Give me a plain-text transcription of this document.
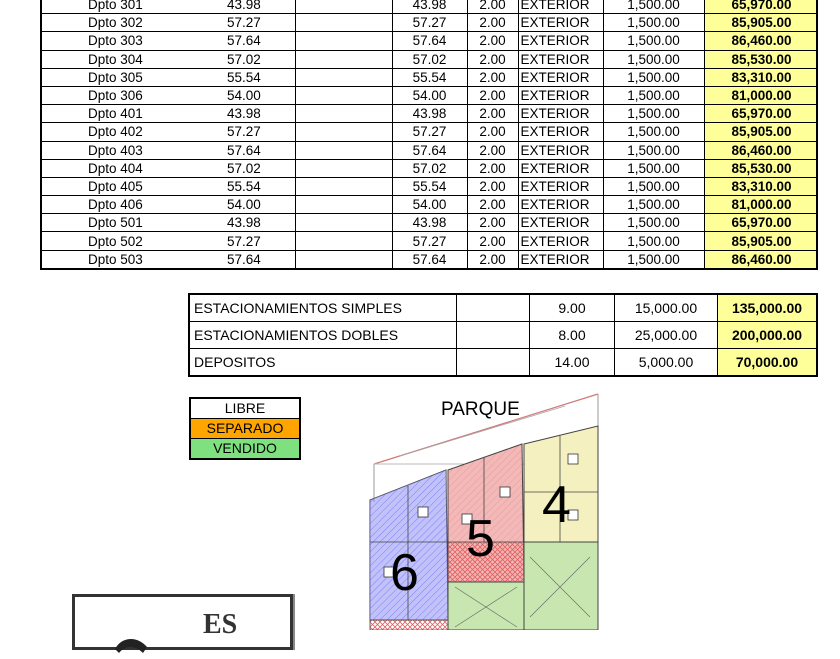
Dpto 301	43.98		43.98	2.00	EXTERIOR	1,500.00	65,970.00
Dpto 302	57.27		57.27	2.00	EXTERIOR	1,500.00	85,905.00
Dpto 303	57.64		57.64	2.00	EXTERIOR	1,500.00	86,460.00
Dpto 304	57.02		57.02	2.00	EXTERIOR	1,500.00	85,530.00
Dpto 305	55.54		55.54	2.00	EXTERIOR	1,500.00	83,310.00
Dpto 306	54.00		54.00	2.00	EXTERIOR	1,500.00	81,000.00
Dpto 401	43.98		43.98	2.00	EXTERIOR	1,500.00	65,970.00
Dpto 402	57.27		57.27	2.00	EXTERIOR	1,500.00	85,905.00
Dpto 403	57.64		57.64	2.00	EXTERIOR	1,500.00	86,460.00
Dpto 404	57.02		57.02	2.00	EXTERIOR	1,500.00	85,530.00
Dpto 405	55.54		55.54	2.00	EXTERIOR	1,500.00	83,310.00
Dpto 406	54.00		54.00	2.00	EXTERIOR	1,500.00	81,000.00
Dpto 501	43.98		43.98	2.00	EXTERIOR	1,500.00	65,970.00
Dpto 502	57.27		57.27	2.00	EXTERIOR	1,500.00	85,905.00
Dpto 503	57.64		57.64	2.00	EXTERIOR	1,500.00	86,460.00
ESTACIONAMIENTOS SIMPLES		9.00	15,000.00	135,000.00
ESTACIONAMIENTOS DOBLES		8.00	25,000.00	200,000.00
DEPOSITOS		14.00	5,000.00	70,000.00
LIBRE
SEPARADO
VENDIDO
PARQUE
6
5
4
ES
